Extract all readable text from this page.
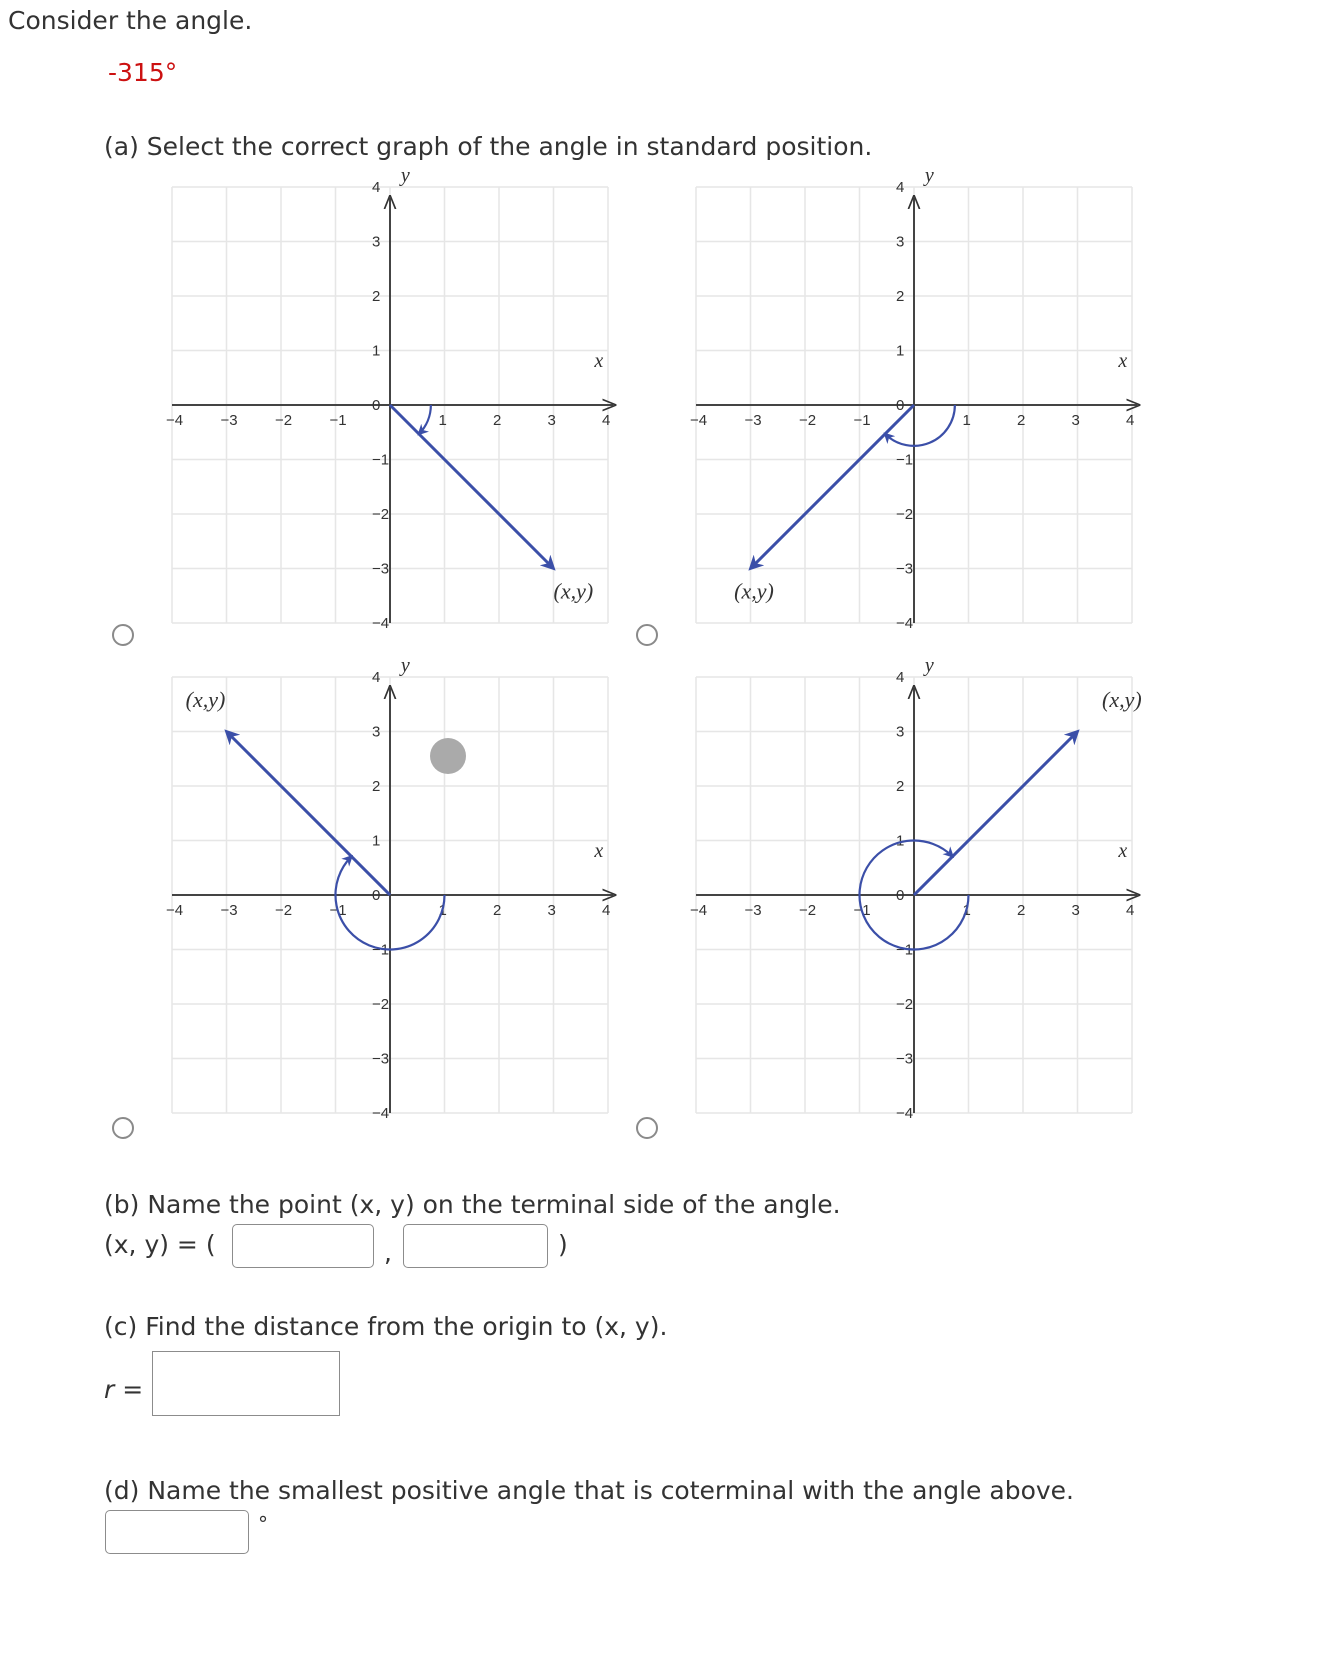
Consider the angle.
-315°
(a) Select the correct graph of the angle in standard position.
x
y
−4 −3 −2 −1	1	2	3	4
4
3
2
1
0
−1
−2
−3
−4
(x,y)
x
y
−4 −3 −2 −1	1	2	3	4
4
3
2
1
0
−1
−2
−3
−4
(x,y)
x
y
−4 −3 −2 −1	1	2	3	4
4
3
2
1
0
−1
−2
−3
−4
(x,y)
x
y
−4 −3 −2 −1	1	2	3	4
4
3
2
1
0
−1
−2
−3
−4
(x,y)
(b) Name the point (x, y) on the terminal side of the angle.
(x, y) = (	,	)
(c) Find the distance from the origin to (x, y).
r =
(d) Name the smallest positive angle that is coterminal with the angle above.
°
